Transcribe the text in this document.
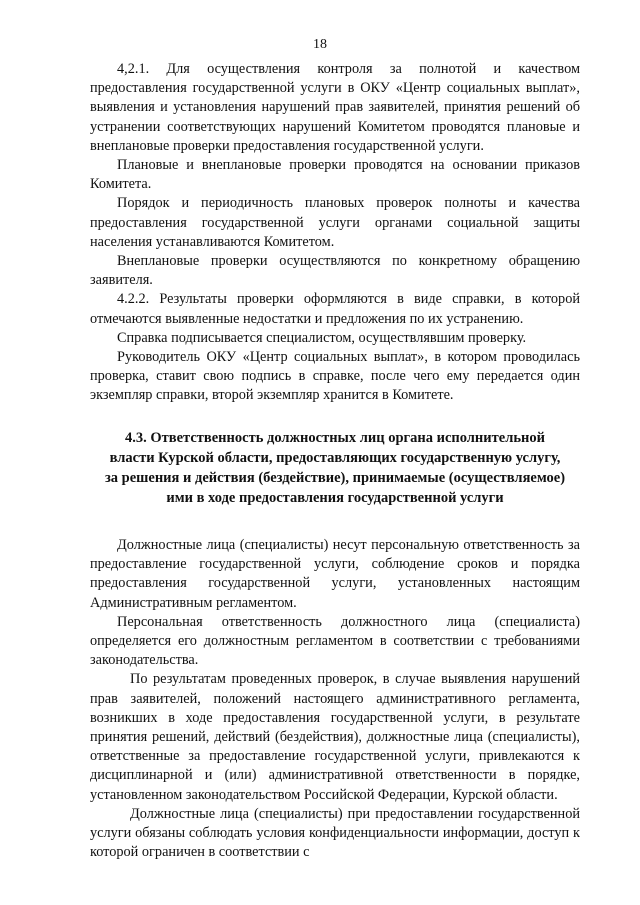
18

4,2.1. Для осуществления контроля за полнотой и качеством предоставления государственной услуги в ОКУ «Центр социальных выплат», выявления и установления нарушений прав заявителей, принятия решений об устранении соответствующих нарушений Комитетом проводятся плановые и внеплановые проверки предоставления государственной услуги.

Плановые и внеплановые проверки проводятся на основании приказов Комитета.

Порядок и периодичность плановых проверок полноты и качества предоставления государственной услуги органами социальной защиты населения устанавливаются Комитетом.

Внеплановые проверки осуществляются по конкретному обращению заявителя.

4.2.2. Результаты проверки оформляются в виде справки, в которой отмечаются выявленные недостатки и предложения по их устранению.

Справка подписывается специалистом, осуществлявшим проверку.

Руководитель ОКУ «Центр социальных выплат», в котором проводилась проверка, ставит свою подпись в справке, после чего ему передается один экземпляр справки, второй экземпляр хранится в Комитете.

4.3. Ответственность должностных лиц органа исполнительной
власти Курской области, предоставляющих государственную услугу,
за решения и действия (бездействие), принимаемые (осуществляемое)
ими в ходе предоставления государственной услуги

Должностные лица (специалисты) несут персональную ответственность за предоставление государственной услуги, соблюдение сроков и порядка предоставления государственной услуги, установленных настоящим Административным регламентом.

Персональная ответственность должностного лица (специалиста) определяется его должностным регламентом в соответствии с требованиями законодательства.

По результатам проведенных проверок, в случае выявления нарушений прав заявителей, положений настоящего административного регламента, возникших в ходе предоставления государственной услуги, в результате принятия решений, действий (бездействия), должностные лица (специалисты), ответственные за предоставление государственной услуги, привлекаются к дисциплинарной и (или) административной ответственности в порядке, установленном законодательством Российской Федерации, Курской области.

Должностные лица (специалисты) при предоставлении государственной услуги обязаны соблюдать условия конфиденциальности информации, доступ к которой ограничен в соответствии с
